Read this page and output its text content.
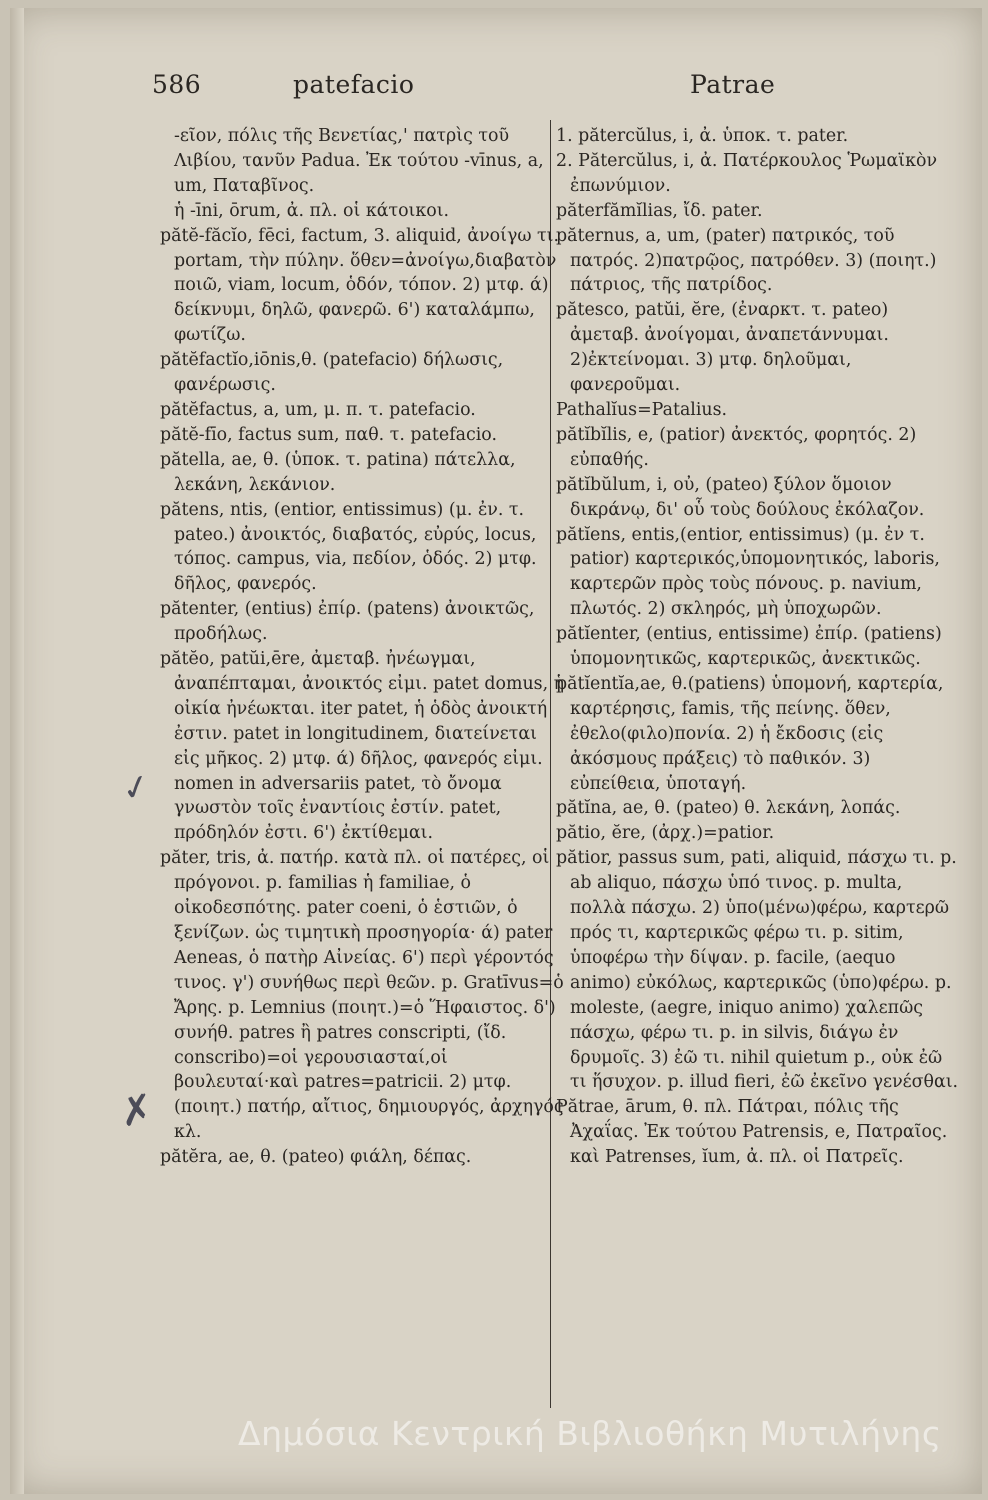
586	patefacio	Patrae

-εῖον, πόλις τῆς Βενετίας,' πατρὶς τοῦ Λιβίου, τανῦν Padua. Ἐκ τούτου -vīnus, a, um, Παταβῖνος.

ἡ -īni, ōrum, ἀ. πλ. οἱ κάτοικοι.

pătĕ-făcĭo, fēci, factum, 3. aliquid, ἀνοίγω τι. portam, τὴν πύλην. ὅθεν=ἀνοίγω,διαβατὸν ποιῶ, viam, locum, ὁδόν, τόπον. 2) μτφ. ά) δείκνυμι, δηλῶ, φανερῶ. 6') καταλάμπω, φωτίζω.

pătĕfactĭo,iōnis,θ. (patefacio) δήλωσις, φανέρωσις.

pătĕfactus, a, um, μ. π. τ. patefacio.

pătĕ-fīo, factus sum, παθ. τ. patefacio.

pătella, ae, θ. (ὑποκ. τ. patina) πάτελλα, λεκάνη, λεκάνιον.

pătens, ntis, (entior, entissimus) (μ. ἐν. τ. pateo.) ἀνοικτός, διαβατός, εὐρύς, locus, τόπος. campus, via, πεδίον, ὁδός. 2) μτφ. δῆλος, φανερός.

pătenter, (entius) ἐπίρ. (patens) ἀνοικτῶς, προδήλως.

pătĕo, patŭi,ēre, ἀμεταβ. ἠνέωγμαι, ἀναπέπταμαι, ἀνοικτός εἰμι. patet domus, ἡ οἰκία ἠνέωκται. iter patet, ἡ ὁδὸς ἀνοικτή ἐστιν. patet in longitudinem, διατείνεται εἰς μῆκος. 2) μτφ. ά) δῆλος, φανερός εἰμι. nomen in adversariis patet, τὸ ὄνομα γνωστὸν τοῖς ἐναντίοις ἐστίν. patet, πρόδηλόν ἐστι. 6') ἐκτίθεμαι.

păter, tris, ἀ. πατήρ. κατὰ πλ. οἱ πατέρες, οἱ πρόγονοι. p. familias ἡ familiae, ὁ οἰκοδεσπότης. pater coeni, ὁ ἑστιῶν, ὁ ξενίζων. ὡς τιμητικὴ προσηγορία· ά) pater Aeneas, ὁ πατὴρ Αἰνείας. 6') περὶ γέροντός τινος. γ') συνήθως περὶ θεῶν. p. Gratīvus=ὁ Ἄρης. p. Lemnius (ποιητ.)=ὁ Ἥφαιστος. δ') συνήθ. patres ἢ patres conscripti, (ἴδ. conscribo)=οἱ γερουσιασταί,οἱ βουλευταί·καὶ patres=patricii. 2) μτφ. (ποιητ.) πατήρ, αἴτιος, δημιουργός, ἀρχηγός κλ.

pătĕra, ae, θ. (pateo) φιάλη, δέπας.

1. pătercŭlus, i, ἀ. ὑποκ. τ. pater.

2. Pătercŭlus, i, ἀ. Πατέρκουλος Ῥωμαϊκὸν ἐπωνύμιον.

păterfămĭlias, ἴδ. pater.

păternus, a, um, (pater) πατρικός, τοῦ πατρός. 2)πατρῷος, πατρόθεν. 3) (ποιητ.) πάτριος, τῆς πατρίδος.

pătesco, patŭi, ĕre, (ἐναρκτ. τ. pateo) ἀμεταβ. ἀνοίγομαι, ἀναπετάννυμαι. 2)ἐκτείνομαι. 3) μτφ. δηλοῦμαι, φανεροῦμαι.

Pathalĭus=Patalius.

pătĭbĭlis, e, (patior) ἀνεκτός, φορητός. 2) εὐπαθής.

pătĭbŭlum, i, οὐ, (pateo) ξύλον ὅμοιον δικράνῳ, δι' οὗ τοὺς δούλους ἐκόλαζον.

pătĭens, entis,(entior, entissimus) (μ. ἐν τ. patior) καρτερικός,ὑπομονητικός, laboris, καρτερῶν πρὸς τοὺς πόνους. p. navium, πλωτός. 2) σκληρός, μὴ ὑποχωρῶν.

pătĭenter, (entius, entissime) ἐπίρ. (patiens) ὑπομονητικῶς, καρτερικῶς, ἀνεκτικῶς.

pătĭentĭa,ae, θ.(patiens) ὑπομονή, καρτερία, καρτέρησις, famis, τῆς πείνης. ὅθεν, ἐθελο(φιλο)πονία. 2) ἡ ἔκδοσις (εἰς ἀκόσμους πράξεις) τὸ παθικόν. 3) εὐπείθεια, ὑποταγή.

pătĭna, ae, θ. (pateo) θ. λεκάνη, λοπάς.

pătio, ĕre, (ἀρχ.)=patior.

pătior, passus sum, pati, aliquid, πάσχω τι. p. ab aliquo, πάσχω ὑπό τινος. p. multa, πολλὰ πάσχω. 2) ὑπο(μένω)φέρω, καρτερῶ πρός τι, καρτερικῶς φέρω τι. p. sitim, ὑποφέρω τὴν δίψαν. p. facile, (aequo animo) εὐκόλως, καρτερικῶς (ὑπο)φέρω. p. moleste, (aegre, iniquo animo) χαλεπῶς πάσχω, φέρω τι. p. in silvis, διάγω ἐν δρυμοῖς. 3) ἐῶ τι. nihil quietum p., οὐκ ἐῶ τι ἥσυχον. p. illud fieri, ἐῶ ἐκεῖνο γενέσθαι.

Pătrae, ārum, θ. πλ. Πάτραι, πόλις τῆς Ἀχαΐας. Ἐκ τούτου Patrensis, e, Πατραῖος. καὶ Patrenses, ĭum, ἀ. πλ. οἱ Πατρεῖς.

✓
✗
Δημόσια Κεντρική Βιβλιοθήκη Μυτιλήνης
